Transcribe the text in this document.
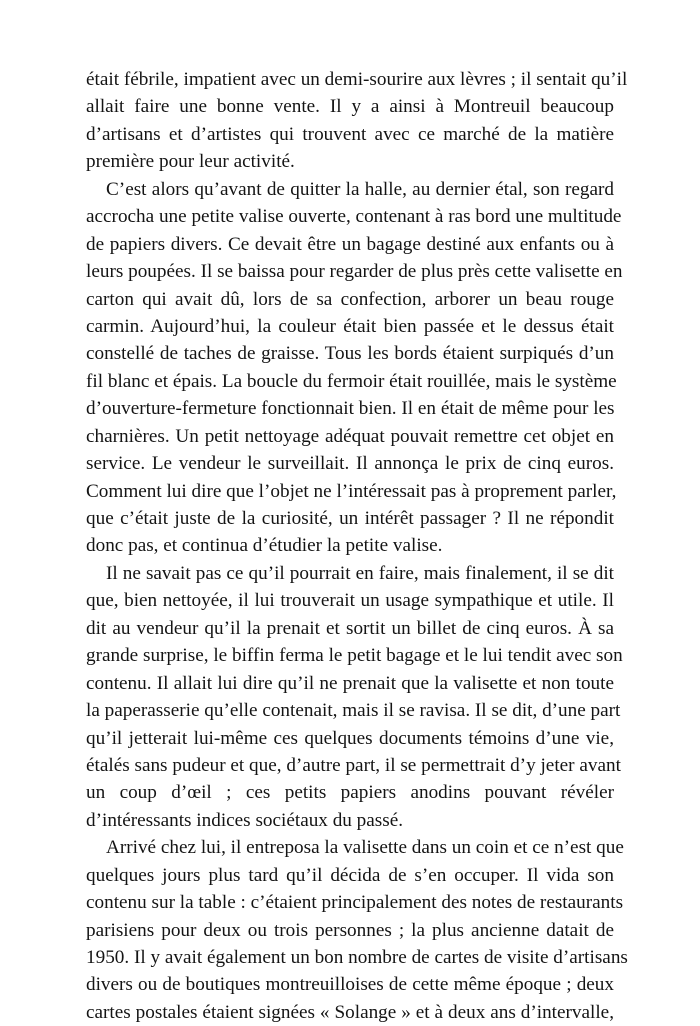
était fébrile, impatient avec un demi-sourire aux lèvres ; il sentait qu’il
allait faire une bonne vente. Il y a ainsi à Montreuil beaucoup
d’artisans et d’artistes qui trouvent avec ce marché de la matière
première pour leur activité.
C’est alors qu’avant de quitter la halle, au dernier étal, son regard
accrocha une petite valise ouverte, contenant à ras bord une multitude
de papiers divers. Ce devait être un bagage destiné aux enfants ou à
leurs poupées. Il se baissa pour regarder de plus près cette valisette en
carton qui avait dû, lors de sa confection, arborer un beau rouge
carmin. Aujourd’hui, la couleur était bien passée et le dessus était
constellé de taches de graisse. Tous les bords étaient surpiqués d’un
fil blanc et épais. La boucle du fermoir était rouillée, mais le système
d’ouverture-fermeture fonctionnait bien. Il en était de même pour les
charnières. Un petit nettoyage adéquat pouvait remettre cet objet en
service. Le vendeur le surveillait. Il annonça le prix de cinq euros.
Comment lui dire que l’objet ne l’intéressait pas à proprement parler,
que c’était juste de la curiosité, un intérêt passager ? Il ne répondit
donc pas, et continua d’étudier la petite valise.
Il ne savait pas ce qu’il pourrait en faire, mais finalement, il se dit
que, bien nettoyée, il lui trouverait un usage sympathique et utile. Il
dit au vendeur qu’il la prenait et sortit un billet de cinq euros. À sa
grande surprise, le biffin ferma le petit bagage et le lui tendit avec son
contenu. Il allait lui dire qu’il ne prenait que la valisette et non toute
la paperasserie qu’elle contenait, mais il se ravisa. Il se dit, d’une part
qu’il jetterait lui-même ces quelques documents témoins d’une vie,
étalés sans pudeur et que, d’autre part, il se permettrait d’y jeter avant
un coup d’œil ; ces petits papiers anodins pouvant révéler
d’intéressants indices sociétaux du passé.
Arrivé chez lui, il entreposa la valisette dans un coin et ce n’est que
quelques jours plus tard qu’il décida de s’en occuper. Il vida son
contenu sur la table : c’étaient principalement des notes de restaurants
parisiens pour deux ou trois personnes ; la plus ancienne datait de
1950. Il y avait également un bon nombre de cartes de visite d’artisans
divers ou de boutiques montreuilloises de cette même époque ; deux
cartes postales étaient signées « Solange » et à deux ans d’intervalle,
